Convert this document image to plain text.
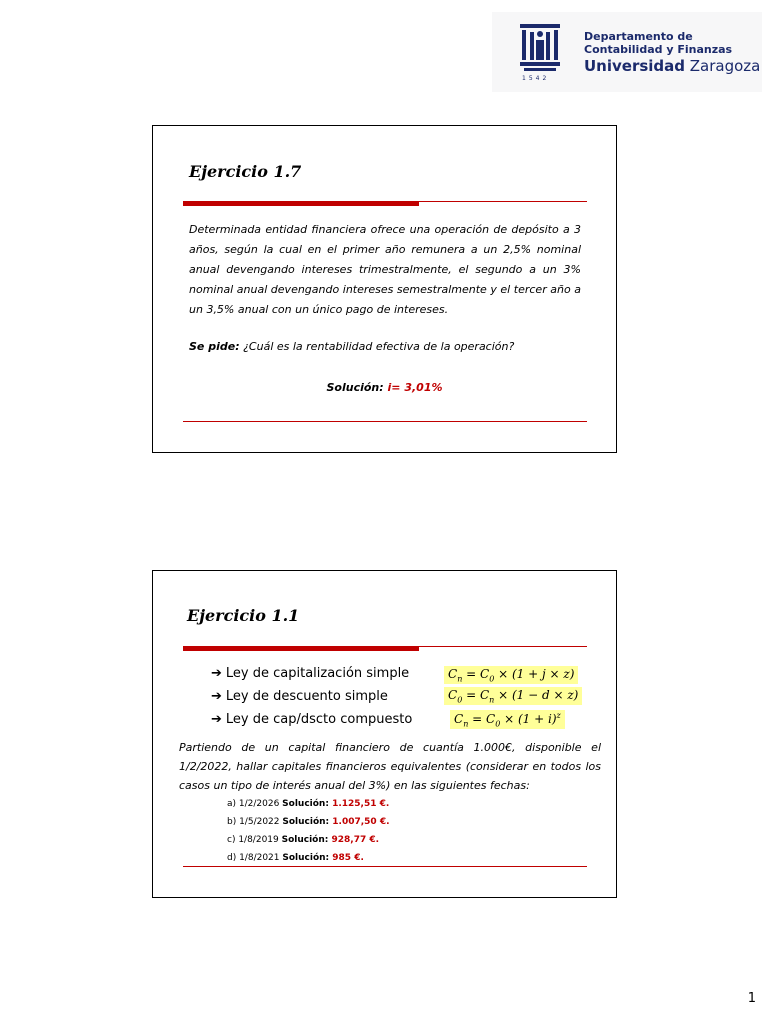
1542
Departamento de
Contabilidad y Finanzas
Universidad Zaragoza
Ejercicio 1.7
Determinada entidad financiera ofrece una operación de depósito a 3 años, según la cual en el primer año remunera a un 2,5% nominal anual devengando intereses trimestralmente, el segundo a un 3% nominal anual devengando intereses semestralmente y el tercer año a un 3,5% anual con un único pago de intereses.
Se pide: ¿Cuál es la rentabilidad efectiva de la operación?
Solución: i= 3,01%
Ejercicio 1.1
➔ Ley de capitalización simple
➔ Ley de descuento simple
➔ Ley de cap/dscto compuesto
$C_n = C_0 \times (1 + j \times z)$
$C_0 = C_n \times (1 - d \times z)$
$C_n = C_0 \times (1 + i)^z$
Partiendo de un capital financiero de cuantía 1.000€, disponible el 1/2/2022, hallar capitales financieros equivalentes (considerar en todos los casos un tipo de interés anual del 3%) en las siguientes fechas:
a) 1/2/2026 Solución: 1.125,51 €.
b) 1/5/2022 Solución: 1.007,50 €.
c) 1/8/2019 Solución: 928,77 €.
d) 1/8/2021 Solución: 985 €.
1
